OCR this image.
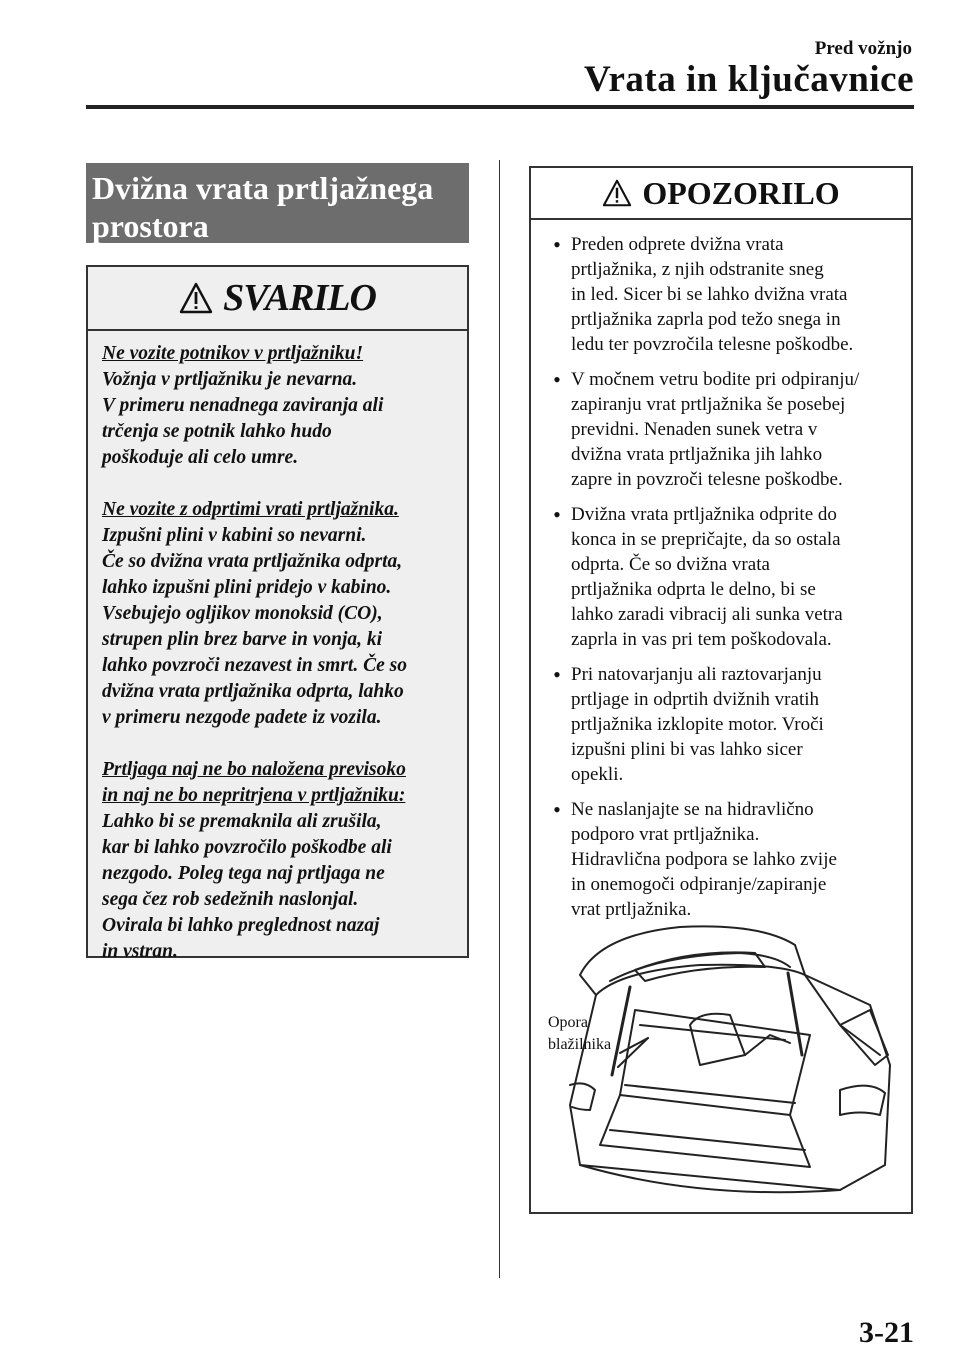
Pred vožnjo
Vrata in ključavnice
Dvižna vrata prtljažnega
prostora
SVARILO
Ne vozite potnikov v prtljažniku!
Vožnja v prtljažniku je nevarna.
V primeru nenadnega zaviranja ali
trčenja se potnik lahko hudo
poškoduje ali celo umre.
Ne vozite z odprtimi vrati prtljažnika.
Izpušni plini v kabini so nevarni.
Če so dvižna vrata prtljažnika odprta,
lahko izpušni plini pridejo v kabino.
Vsebujejo ogljikov monoksid (CO),
strupen plin brez barve in vonja, ki
lahko povzroči nezavest in smrt. Če so
dvižna vrata prtljažnika odprta, lahko
v primeru nezgode padete iz vozila.
Prtljaga naj ne bo naložena previsoko
in naj ne bo nepritrjena v prtljažniku:
Lahko bi se premaknila ali zrušila,
kar bi lahko povzročilo poškodbe ali
nezgodo. Poleg tega naj prtljaga ne
sega čez rob sedežnih naslonjal.
Ovirala bi lahko preglednost nazaj
in vstran.
OPOZORILO
• Preden odprete dvižna vrata
prtljažnika, z njih odstranite sneg
in led. Sicer bi se lahko dvižna vrata
prtljažnika zaprla pod težo snega in
ledu ter povzročila telesne poškodbe.
• V močnem vetru bodite pri odpiranju/
zapiranju vrat prtljažnika še posebej
previdni. Nenaden sunek vetra v
dvižna vrata prtljažnika jih lahko
zapre in povzroči telesne poškodbe.
• Dvižna vrata prtljažnika odprite do
konca in se prepričajte, da so ostala
odprta. Če so dvižna vrata
prtljažnika odprta le delno, bi se
lahko zaradi vibracij ali sunka vetra
zaprla in vas pri tem poškodovala.
• Pri natovarjanju ali raztovarjanju
prtljage in odprtih dvižnih vratih
prtljažnika izklopite motor. Vroči
izpušni plini bi vas lahko sicer
opekli.
• Ne naslanjajte se na hidravlično
podporo vrat prtljažnika.
Hidravlična podpora se lahko zvije
in onemogoči odpiranje/zapiranje
vrat prtljažnika.
Opora
blažilnika
3-21
